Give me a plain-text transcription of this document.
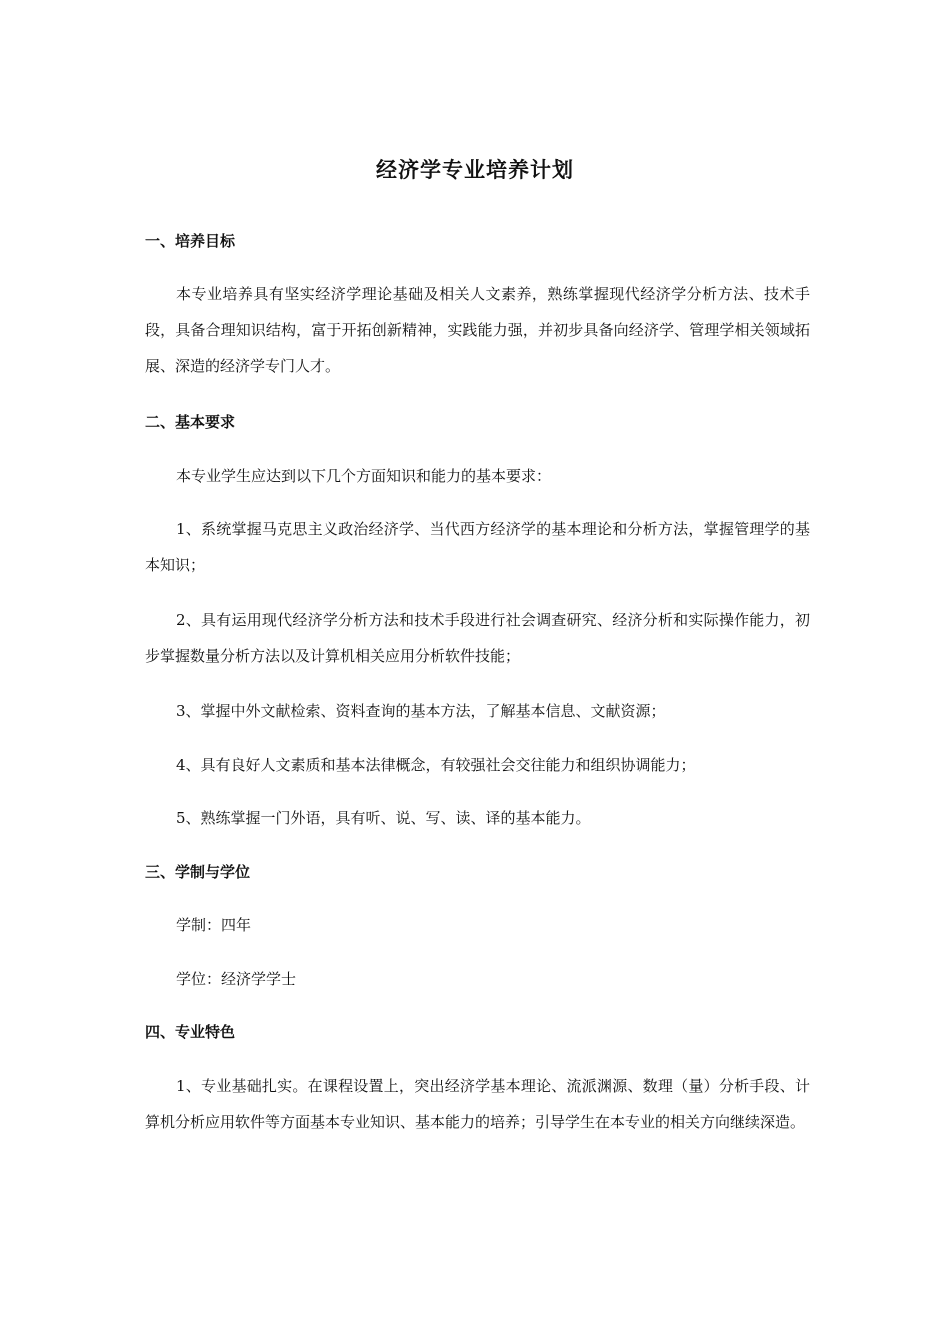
经济学专业培养计划
一、培养目标
本专业培养具有坚实经济学理论基础及相关人文素养，熟练掌握现代经济学分析方法、技术手段，具备合理知识结构，富于开拓创新精神，实践能力强，并初步具备向经济学、管理学相关领域拓展、深造的经济学专门人才。
二、基本要求
本专业学生应达到以下几个方面知识和能力的基本要求：
1、系统掌握马克思主义政治经济学、当代西方经济学的基本理论和分析方法，掌握管理学的基本知识；
2、具有运用现代经济学分析方法和技术手段进行社会调查研究、经济分析和实际操作能力，初步掌握数量分析方法以及计算机相关应用分析软件技能；
3、掌握中外文献检索、资料查询的基本方法，了解基本信息、文献资源；
4、具有良好人文素质和基本法律概念，有较强社会交往能力和组织协调能力；
5、熟练掌握一门外语，具有听、说、写、读、译的基本能力。
三、学制与学位
学制：四年
学位：经济学学士
四、专业特色
1、专业基础扎实。在课程设置上，突出经济学基本理论、流派渊源、数理（量）分析手段、计算机分析应用软件等方面基本专业知识、基本能力的培养；引导学生在本专业的相关方向继续深造。
